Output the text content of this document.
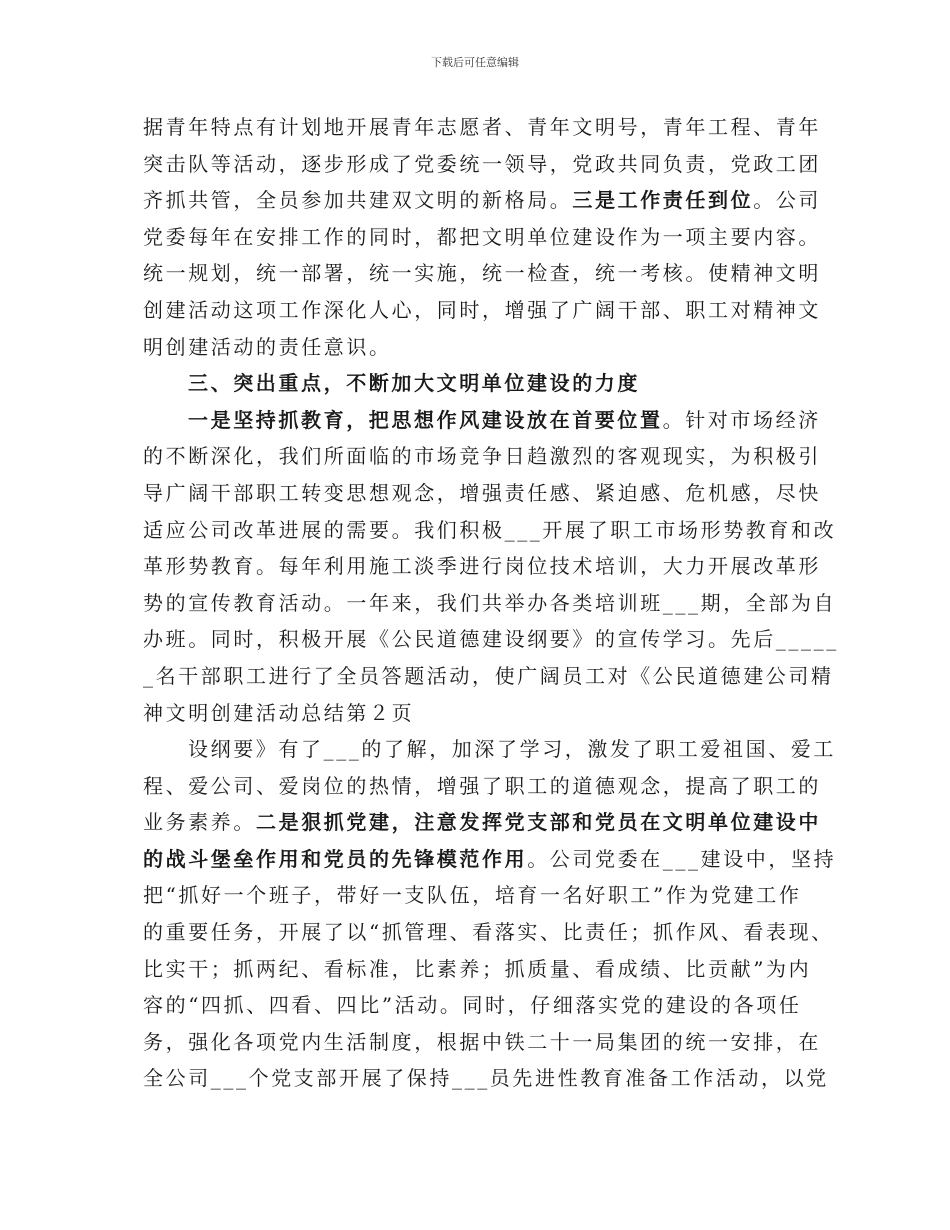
下载后可任意编辑
据青年特点有计划地开展青年志愿者、青年文明号，青年工程、青年
突击队等活动，逐步形成了党委统一领导，党政共同负责，党政工团
齐抓共管，全员参加共建双文明的新格局。三是工作责任到位。公司
党委每年在安排工作的同时，都把文明单位建设作为一项主要内容。
统一规划，统一部署，统一实施，统一检查，统一考核。使精神文明
创建活动这项工作深化人心，同时，增强了广阔干部、职工对精神文
明创建活动的责任意识。
三、突出重点，不断加大文明单位建设的力度
一是坚持抓教育，把思想作风建设放在首要位置。针对市场经济
的不断深化，我们所面临的市场竞争日趋激烈的客观现实，为积极引
导广阔干部职工转变思想观念，增强责任感、紧迫感、危机感，尽快
适应公司改革进展的需要。我们积极___开展了职工市场形势教育和改
革形势教育。每年利用施工淡季进行岗位技术培训，大力开展改革形
势的宣传教育活动。一年来，我们共举办各类培训班___期，全部为自
办班。同时，积极开展《公民道德建设纲要》的宣传学习。先后_____
_名干部职工进行了全员答题活动，使广阔员工对《公民道德建公司精
神文明创建活动总结第２页
设纲要》有了___的了解，加深了学习，激发了职工爱祖国、爱工
程、爱公司、爱岗位的热情，增强了职工的道德观念，提高了职工的
业务素养。二是狠抓党建，注意发挥党支部和党员在文明单位建设中
的战斗堡垒作用和党员的先锋模范作用。公司党委在___建设中，坚持
把“抓好一个班子，带好一支队伍，培育一名好职工”作为党建工作
的重要任务，开展了以“抓管理、看落实、比责任；抓作风、看表现、
比实干；抓两纪、看标准，比素养；抓质量、看成绩、比贡献”为内
容的“四抓、四看、四比”活动。同时，仔细落实党的建设的各项任
务，强化各项党内生活制度，根据中铁二十一局集团的统一安排，在
全公司___个党支部开展了保持___员先进性教育准备工作活动，以党
